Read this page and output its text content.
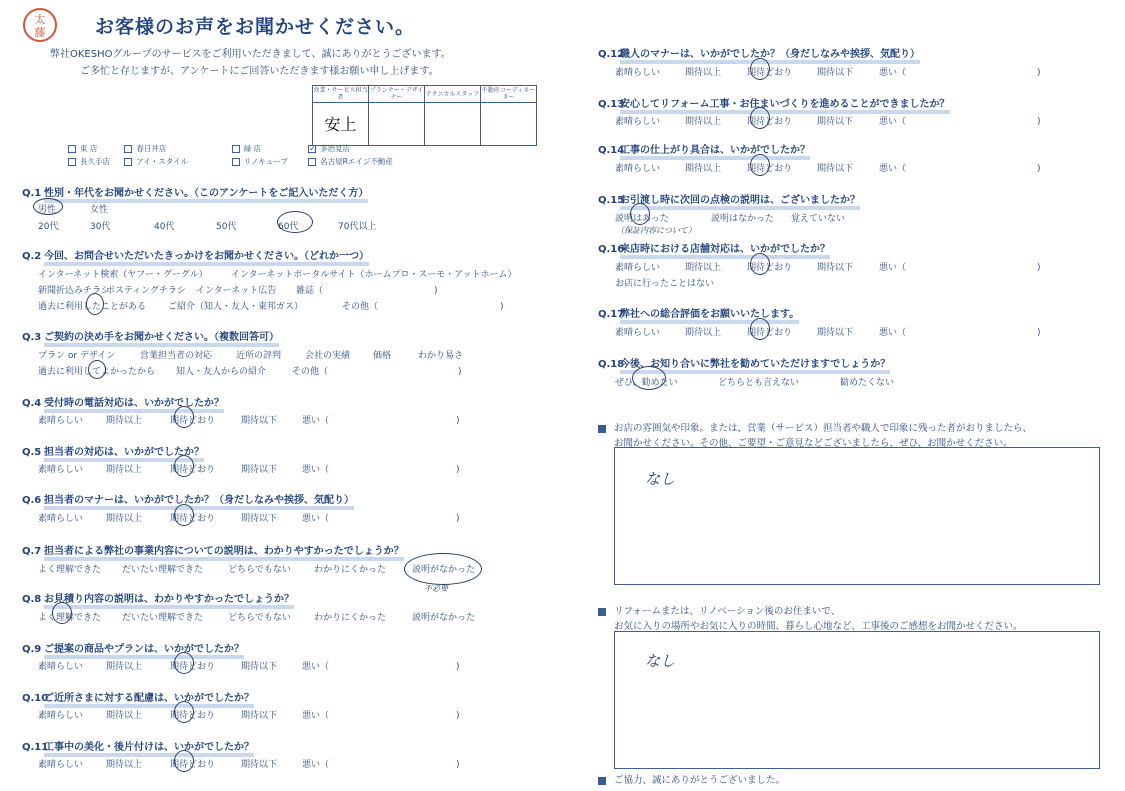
太
藤	お客様のお声をお聞かせください。
弊社OKESHOグループのサービスをご利用いただきまして、誠にありがとうございます。
ご多忙と存じますが、アンケートにご回答いただきます様お願い申し上げます。
営業・サービス担当者	プランナー・デザイナー	テクニカルスタッフ	不動産コーディネーター
安上			
東 店	春日井店	緑 店	✓ 多治見店
長久手店	アイ・スタイル	リノキューブ	名古屋Rエイジ不動産
Q.1 性別・年代をお聞かせください。（このアンケートをご記入いただく方）
男性	女性
20代	30代	40代	50代	60代	70代以上
Q.2 今回、お問合せいただいたきっかけをお聞かせください。（どれか一つ）
インターネット検索（ヤフー・グーグル）	インターネットポータルサイト（ホームプロ・スーモ・アットホーム）
新聞折込みチラシポスティングチラシ インターネット広告 雑誌（	)
過去に利用したことがある ご紹介（知人・友人・東邦ガス）	その他（	)
Q.3 ご契約の決め手をお聞かせください。（複数回答可）
プラン or デザイン	営業担当者の対応	近所の評判	会社の実績	価格	わかり易さ
過去に利用してよかったから 知人・友人からの紹介	その他（	)
Q.4 受付時の電話対応は、いかがでしたか？
素晴らしい	期待以上	期待どおり	期待以下	悪い（	)
Q.5 担当者の対応は、いかがでしたか？
素晴らしい	期待以上	期待どおり	期待以下	悪い（	)
Q.6 担当者のマナーは、いかがでしたか？（身だしなみや挨拶、気配り）
素晴らしい	期待以上	期待どおり	期待以下	悪い（	)
Q.7 担当者による弊社の事業内容についての説明は、わかりやすかったでしょうか？
よく理解できた だいたい理解できた	どちらでもない	わかりにくかった	説明がなかった
不必要
Q.8 お見積り内容の説明は、わかりやすかったでしょうか？
よく理解できた だいたい理解できた	どちらでもない	わかりにくかった	説明がなかった
Q.9 ご提案の商品やプランは、いかがでしたか？
素晴らしい	期待以上	期待どおり	期待以下	悪い（	)
Q.10ご近所さまに対する配慮は、いかがでしたか？
素晴らしい	期待以上	期待どおり	期待以下	悪い（	)
Q.11工事中の美化・後片付けは、いかがでしたか？
素晴らしい	期待以上	期待どおり	期待以下	悪い（	)
Q.12職人のマナーは、いかがでしたか？（身だしなみや挨拶、気配り）
素晴らしい	期待以上	期待どおり	期待以下	悪い（	)
Q.13安心してリフォーム工事・お住まいづくりを進めることができましたか？
素晴らしい	期待以上	期待どおり	期待以下	悪い（	)
Q.14工事の仕上がり具合は、いかがでしたか？
素晴らしい	期待以上	期待どおり	期待以下	悪い（	)
Q.15お引渡し時に次回の点検の説明は、ございましたか？
説明はあった	説明はなかった 覚えていない
（保証内容について）
Q.16来店時における店舗対応は、いかがでしたか？
素晴らしい	期待以上	期待どおり	期待以下	悪い（	)
お店に行ったことはない
Q.17弊社への総合評価をお願いいたします。
素晴らしい	期待以上	期待どおり	期待以下	悪い（	)
Q.18今後、お知り合いに弊社を勧めていただけますでしょうか？
ぜひ、勧めたい	どちらとも言えない	勧めたくない
お店の雰囲気や印象。または、営業（サービス）担当者や職人で印象に残った者がおりましたら、
お聞かせください。その他、ご要望・ご意見などございましたら、ぜひ、お聞かせください。
なし
リフォームまたは、リノベーション後のお住まいで、
お気に入りの場所やお気に入りの時間、暮らし心地など、工事後のご感想をお聞かせください。
なし
ご協力、誠にありがとうございました。
